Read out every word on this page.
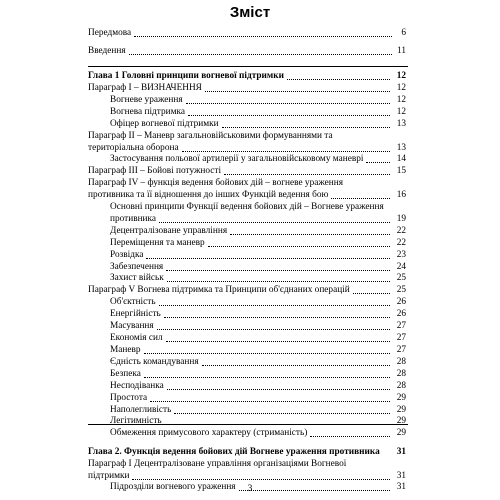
Зміст
Передмова	6
Введення	11
Глава 1 Головні принципи вогневої підтримки	12
Параграф I – ВИЗНАЧЕННЯ	12
Вогневе ураження	12
Вогнева підтримка	12
Офіцер вогневої підтримки	13
Параграф II – Маневр загальновійськовими формуваннями та
територіальна оборона	13
Застосування польової артилерії у загальновійськовому маневрі	14
Параграф III – Бойові потужності	15
Параграф IV – функція ведення бойових дій – вогневе ураження
противника та її відношення до інших Функцій ведення бою	16
Основні принципи Функції ведення бойових дій – Вогневе ураження
противника	19
Децентралізоване управління	22
Переміщення та маневр	22
Розвідка	23
Забезпечення	24
Захист військ	25
Параграф V Вогнева підтримка та Принципи об'єднаних операцій	25
Об'єктність	26
Енергійність	26
Масування	27
Економія сил	27
Маневр	27
Єдність командування	28
Безпека	28
Несподіванка	28
Простота	29
Наполегливість	29
Легітимність	29
Обмеження примусового характеру (стриманість)	29
Глава 2. Функція ведення бойових дій Вогневе ураження противника	31
Параграф I Децентралізоване управління організаціями Вогневої
підтримки	31
Підрозділи вогневого ураження	31
3
